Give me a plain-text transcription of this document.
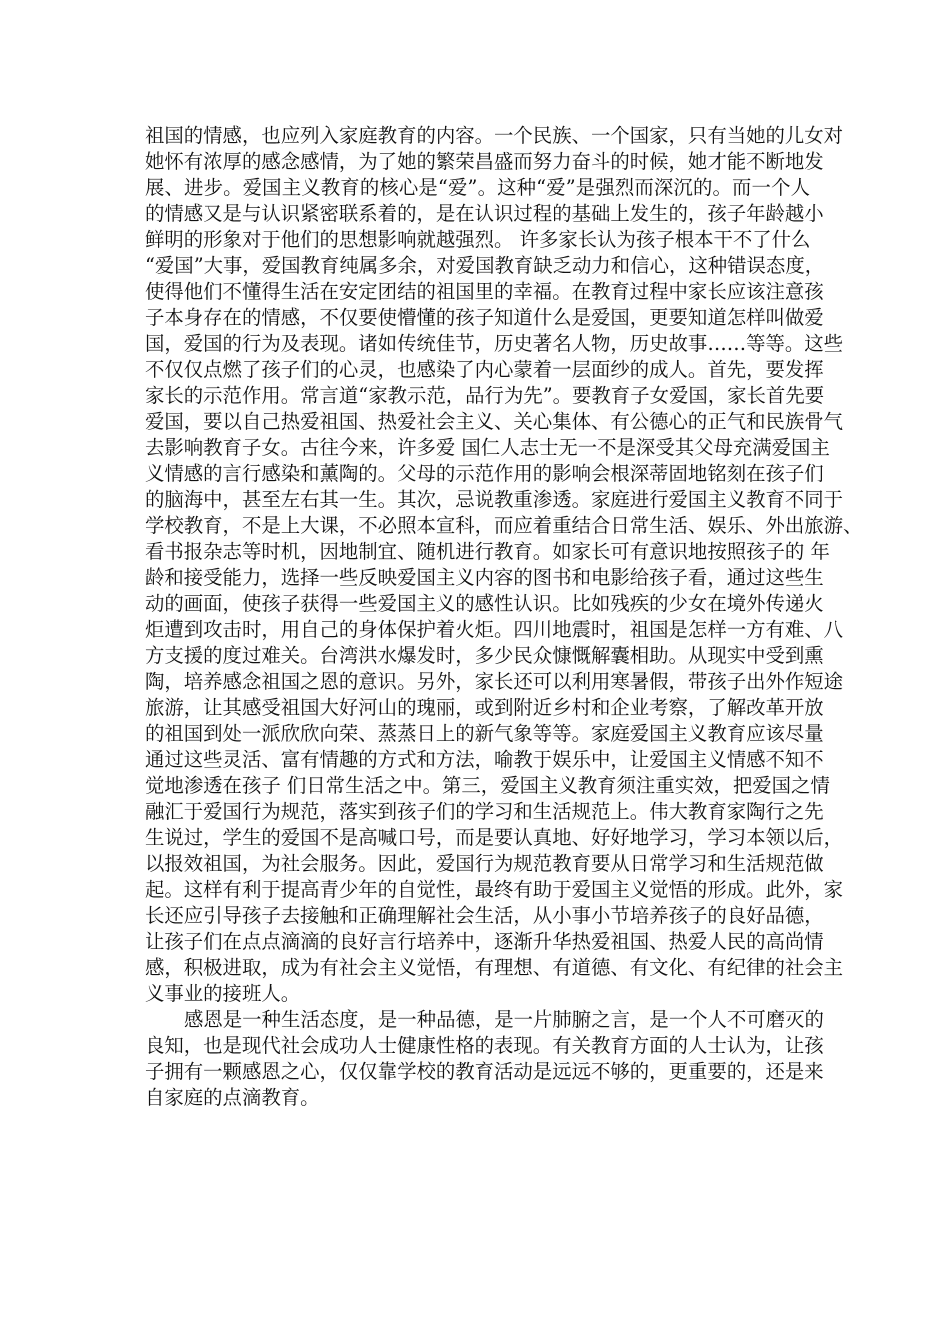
祖国的情感，也应列入家庭教育的内容。一个民族、一个国家，只有当她的儿女对
她怀有浓厚的感念感情，为了她的繁荣昌盛而努力奋斗的时候，她才能不断地发
展、进步。爱国主义教育的核心是“爱”。这种“爱”是强烈而深沉的。而一个人
的情感又是与认识紧密联系着的，是在认识过程的基础上发生的，孩子年龄越小
鲜明的形象对于他们的思想影响就越强烈。 许多家长认为孩子根本干不了什么
“爱国”大事，爱国教育纯属多余，对爱国教育缺乏动力和信心，这种错误态度，
使得他们不懂得生活在安定团结的祖国里的幸福。在教育过程中家长应该注意孩
子本身存在的情感，不仅要使懵懂的孩子知道什么是爱国，更要知道怎样叫做爱
国，爱国的行为及表现。诸如传统佳节，历史著名人物，历史故事……等等。这些
不仅仅点燃了孩子们的心灵，也感染了内心蒙着一层面纱的成人。首先，要发挥
家长的示范作用。常言道“家教示范，品行为先”。要教育子女爱国，家长首先要
爱国，要以自己热爱祖国、热爱社会主义、关心集体、有公德心的正气和民族骨气
去影响教育子女。古往今来，许多爱 国仁人志士无一不是深受其父母充满爱国主
义情感的言行感染和薰陶的。父母的示范作用的影响会根深蒂固地铭刻在孩子们
的脑海中，甚至左右其一生。其次，忌说教重渗透。家庭进行爱国主义教育不同于
学校教育，不是上大课，不必照本宣科，而应着重结合日常生活、娱乐、外出旅游、
看书报杂志等时机，因地制宜、随机进行教育。如家长可有意识地按照孩子的 年
龄和接受能力，选择一些反映爱国主义内容的图书和电影给孩子看，通过这些生
动的画面，使孩子获得一些爱国主义的感性认识。比如残疾的少女在境外传递火
炬遭到攻击时，用自己的身体保护着火炬。四川地震时，祖国是怎样一方有难、八
方支援的度过难关。台湾洪水爆发时，多少民众慷慨解囊相助。从现实中受到熏
陶，培养感念祖国之恩的意识。另外，家长还可以利用寒暑假，带孩子出外作短途
旅游，让其感受祖国大好河山的瑰丽，或到附近乡村和企业考察，了解改革开放
的祖国到处一派欣欣向荣、蒸蒸日上的新气象等等。家庭爱国主义教育应该尽量
通过这些灵活、富有情趣的方式和方法，喻教于娱乐中，让爱国主义情感不知不
觉地渗透在孩子 们日常生活之中。第三，爱国主义教育须注重实效，把爱国之情
融汇于爱国行为规范，落实到孩子们的学习和生活规范上。伟大教育家陶行之先
生说过，学生的爱国不是高喊口号，而是要认真地、好好地学习，学习本领以后，
以报效祖国，为社会服务。因此，爱国行为规范教育要从日常学习和生活规范做
起。这样有利于提高青少年的自觉性，最终有助于爱国主义觉悟的形成。此外，家
长还应引导孩子去接触和正确理解社会生活，从小事小节培养孩子的良好品德，
让孩子们在点点滴滴的良好言行培养中，逐渐升华热爱祖国、热爱人民的高尚情
感，积极进取，成为有社会主义觉悟，有理想、有道德、有文化、有纪律的社会主
义事业的接班人。
感恩是一种生活态度，是一种品德，是一片肺腑之言，是一个人不可磨灭的
良知，也是现代社会成功人士健康性格的表现。有关教育方面的人士认为，让孩
子拥有一颗感恩之心，仅仅靠学校的教育活动是远远不够的，更重要的，还是来
自家庭的点滴教育。
